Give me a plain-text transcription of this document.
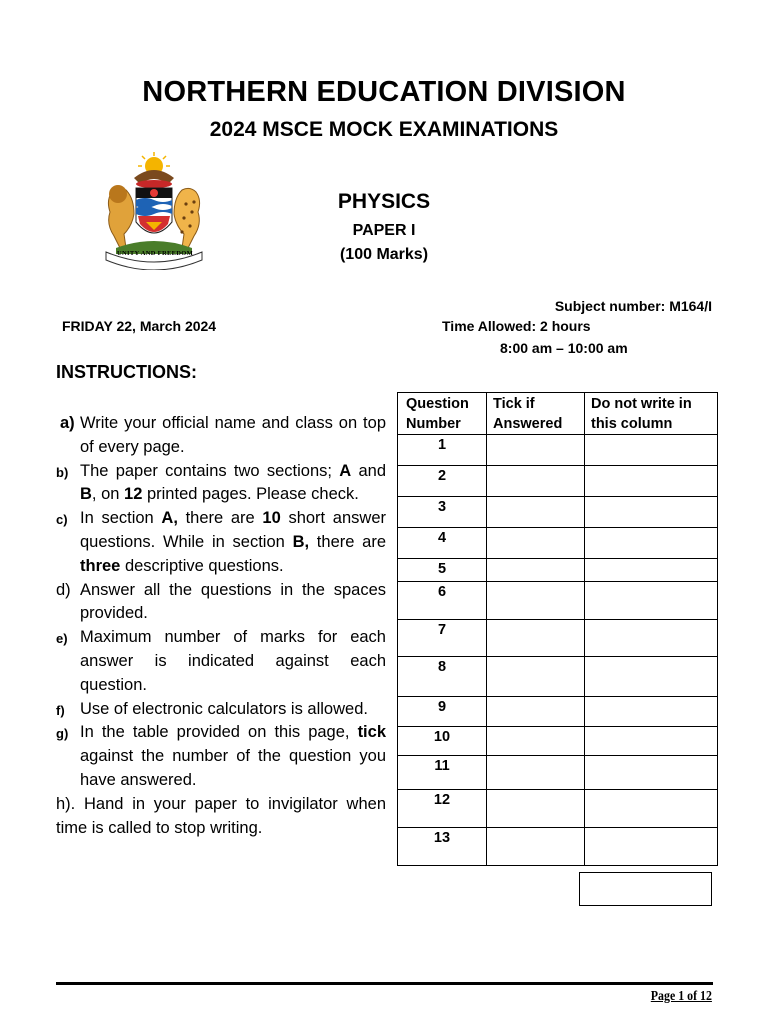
NORTHERN EDUCATION DIVISION
2024 MSCE MOCK EXAMINATIONS
UNITY AND FREEDOM
PHYSICS
PAPER I
(100 Marks)
Subject number: M164/I
FRIDAY 22, March 2024	Time Allowed: 2 hours
8:00 am – 10:00 am
INSTRUCTIONS:
a) Write your official name and class on top of every page.
b) The paper contains two sections; A and B, on 12 printed pages. Please check.
c) In section A, there are 10 short answer questions. While in section B, there are three descriptive questions.
d) Answer all the questions in the spaces provided.
e) Maximum number of marks for each answer is indicated against each question.
f) Use of electronic calculators is allowed.
g) In the table provided on this page, tick against the number of the question you have answered.
h). Hand in your paper to invigilator when time is called to stop writing.
Question Number	Tick if Answered	Do not write in this column

1		
2		
3		
4		
5		
6		
7		
8		
9		
10		
11		
12		
13		
Page 1 of 12
